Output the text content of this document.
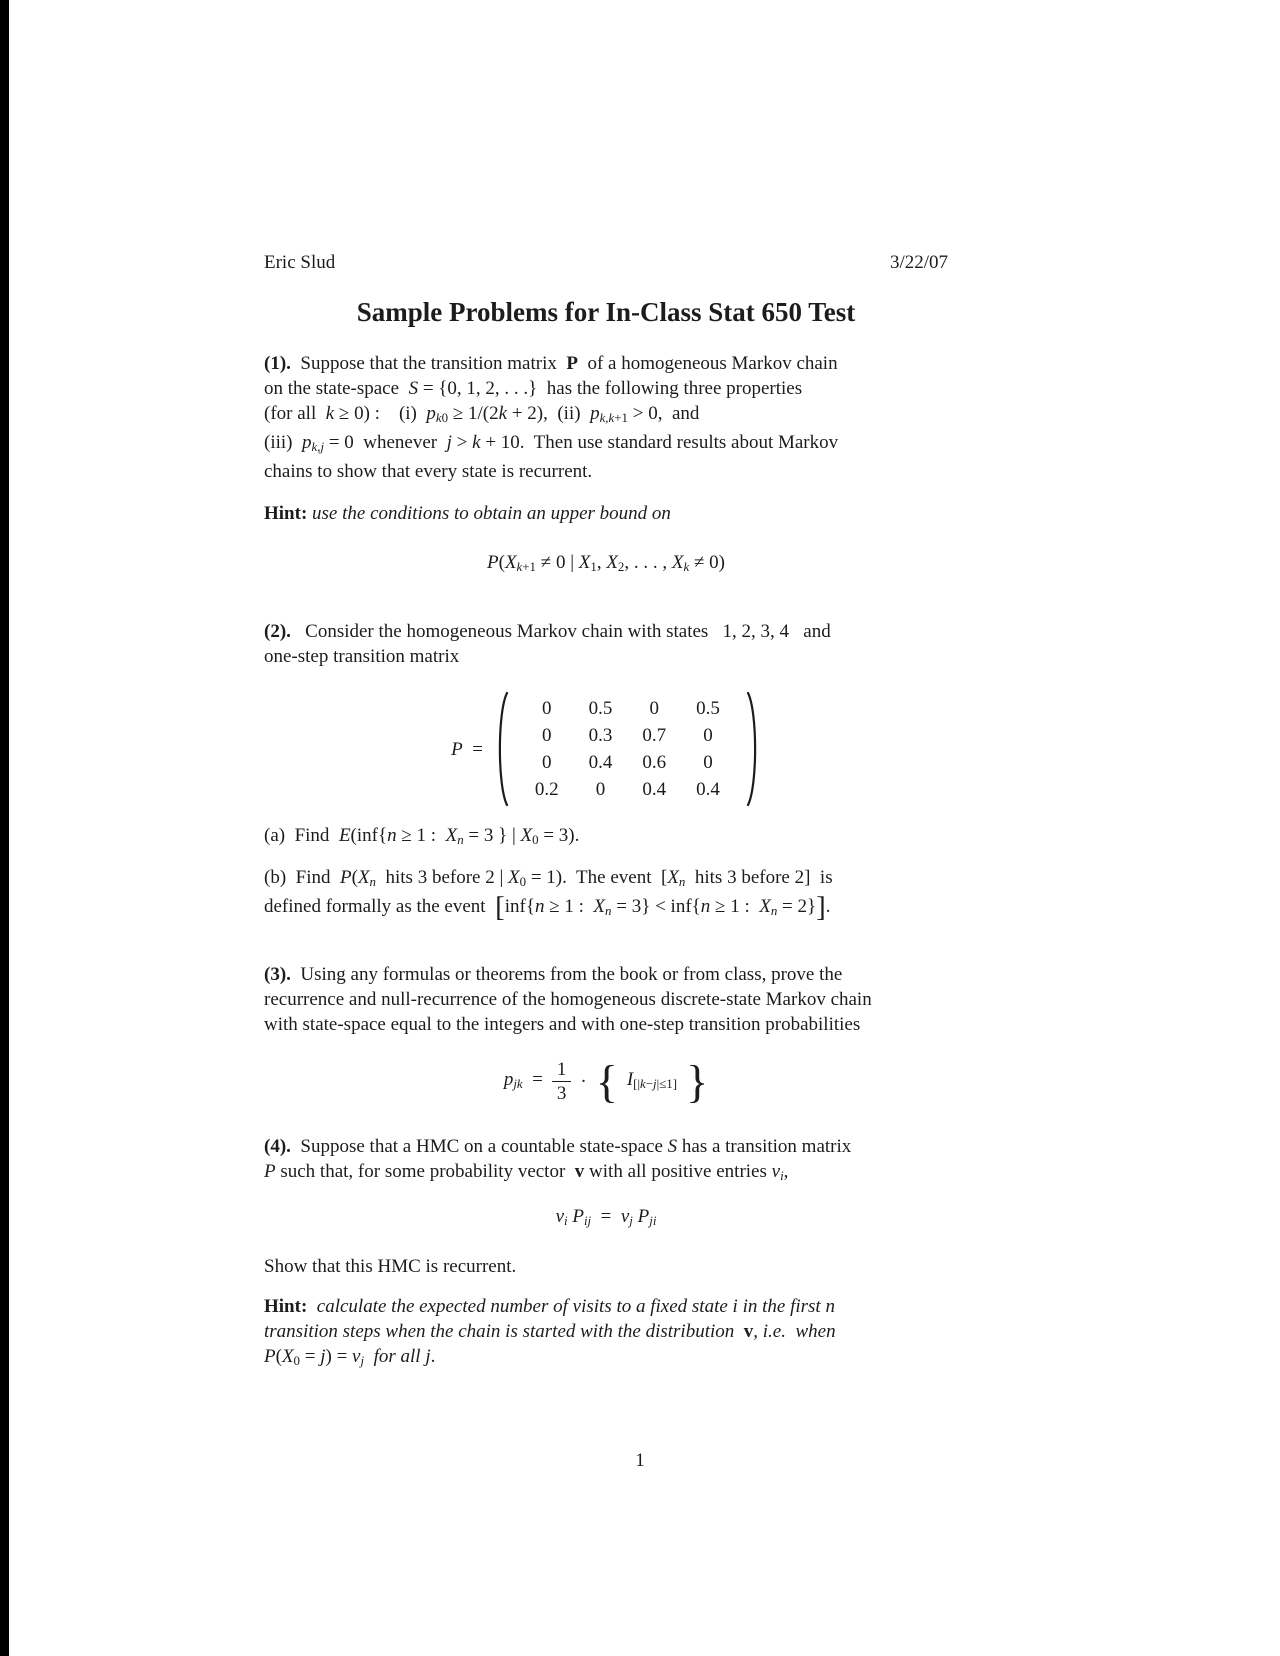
Eric Slud	3/22/07
Sample Problems for In-Class Stat 650 Test
(1).  Suppose that the transition matrix  P  of a homogeneous Markov chain
on the state-space  S = {0, 1, 2, . . .}  has the following three properties
(for all  k ≥ 0) :    (i)  pk0 ≥ 1/(2k + 2),  (ii)  pk,k+1 > 0,  and
(iii)  pk,j = 0  whenever  j > k + 10.  Then use standard results about Markov
chains to show that every state is recurrent.
Hint: use the conditions to obtain an upper bound on
P(Xk+1 ≠ 0 | X1, X2, . . . , Xk ≠ 0)
(2).   Consider the homogeneous Markov chain with states   1, 2, 3, 4   and
one-step transition matrix
P  =
0	0.5	0	0.5
0	0.3	0.7	0
0	0.4	0.6	0
0.2	0	0.4	0.4
(a)  Find  E(inf{n ≥ 1 :  Xn = 3 } | X0 = 3).
(b)  Find  P(Xn  hits 3 before 2 | X0 = 1).  The event  [Xn  hits 3 before 2]  is
defined formally as the event  [inf{n ≥ 1 :  Xn = 3} < inf{n ≥ 1 :  Xn = 2}].
(3).  Using any formulas or theorems from the book or from class, prove the
recurrence and null-recurrence of the homogeneous discrete-state Markov chain
with state-space equal to the integers and with one-step transition probabilities
pjk  = $\frac{1}{3}$ · { I[|k−j|≤1] }
(4).  Suppose that a HMC on a countable state-space S has a transition matrix
P such that, for some probability vector  v with all positive entries vi,
vi Pij  =  vj Pji
Show that this HMC is recurrent.
Hint: calculate the expected number of visits to a fixed state i in the first n
transition steps when the chain is started with the distribution  v, i.e.  when
P(X0 = j) = vj for all j.
1
